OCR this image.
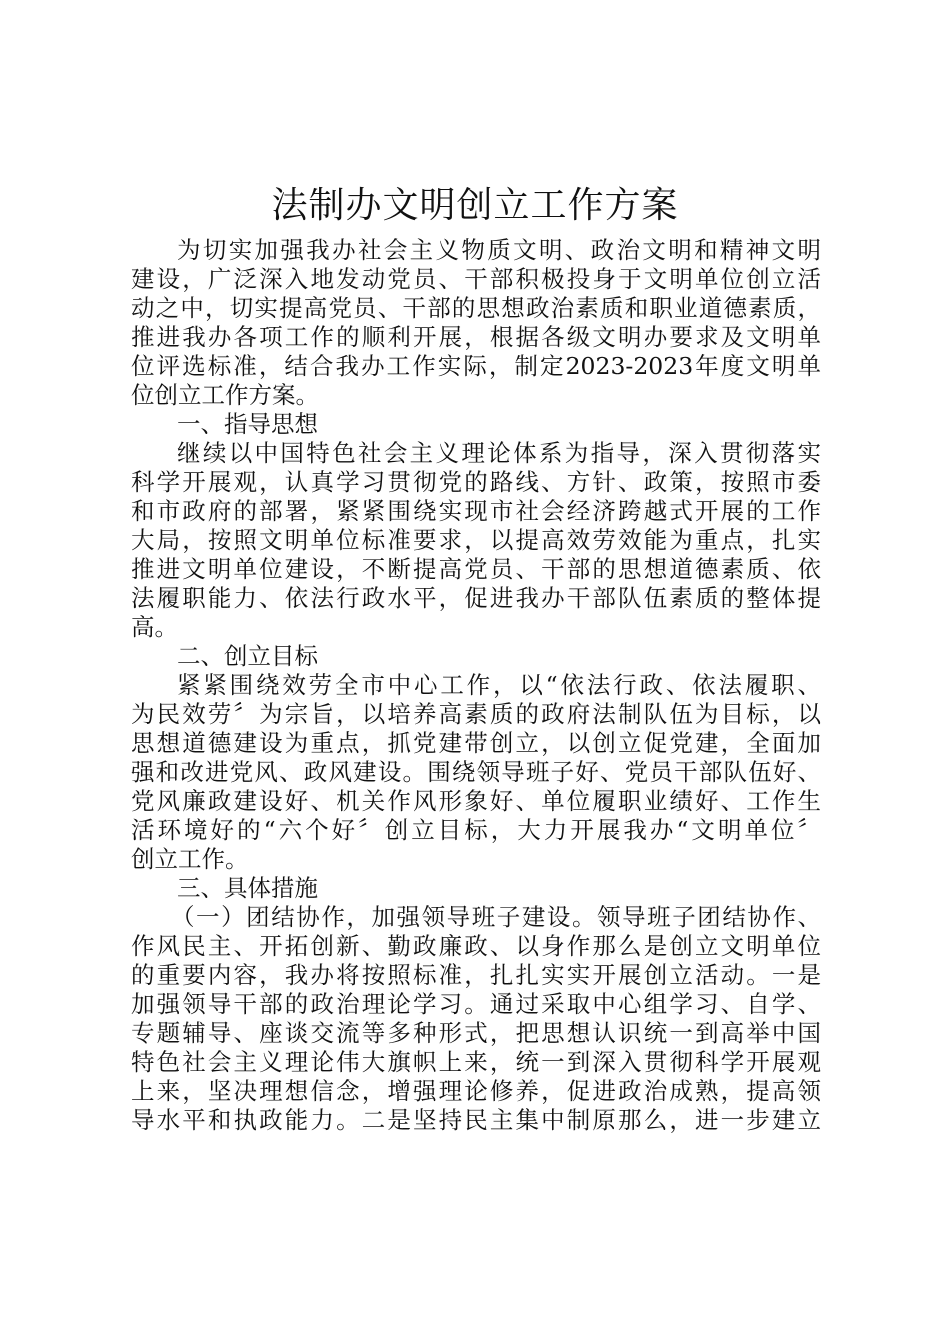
法制办文明创立工作方案
为切实加强我办社会主义物质文明、政治文明和精神文明
建设，广泛深入地发动党员、干部积极投身于文明单位创立活
动之中，切实提高党员、干部的思想政治素质和职业道德素质，
推进我办各项工作的顺利开展，根据各级文明办要求及文明单
位评选标准，结合我办工作实际，制定2023-2023年度文明单
位创立工作方案。
一、指导思想
继续以中国特色社会主义理论体系为指导，深入贯彻落实
科学开展观，认真学习贯彻党的路线、方针、政策，按照市委
和市政府的部署，紧紧围绕实现市社会经济跨越式开展的工作
大局，按照文明单位标准要求，以提高效劳效能为重点，扎实
推进文明单位建设，不断提高党员、干部的思想道德素质、依
法履职能力、依法行政水平，促进我办干部队伍素质的整体提
高。
二、创立目标
紧紧围绕效劳全市中心工作，以“依法行政、依法履职、
为民效劳〞为宗旨，以培养高素质的政府法制队伍为目标，以
思想道德建设为重点，抓党建带创立，以创立促党建，全面加
强和改进党风、政风建设。围绕领导班子好、党员干部队伍好、
党风廉政建设好、机关作风形象好、单位履职业绩好、工作生
活环境好的“六个好〞创立目标，大力开展我办“文明单位〞
创立工作。
三、具体措施
（一）团结协作，加强领导班子建设。领导班子团结协作、
作风民主、开拓创新、勤政廉政、以身作那么是创立文明单位
的重要内容，我办将按照标准，扎扎实实开展创立活动。一是
加强领导干部的政治理论学习。通过采取中心组学习、自学、
专题辅导、座谈交流等多种形式，把思想认识统一到高举中国
特色社会主义理论伟大旗帜上来，统一到深入贯彻科学开展观
上来，坚决理想信念，增强理论修养，促进政治成熟，提高领
导水平和执政能力。二是坚持民主集中制原那么，进一步建立
